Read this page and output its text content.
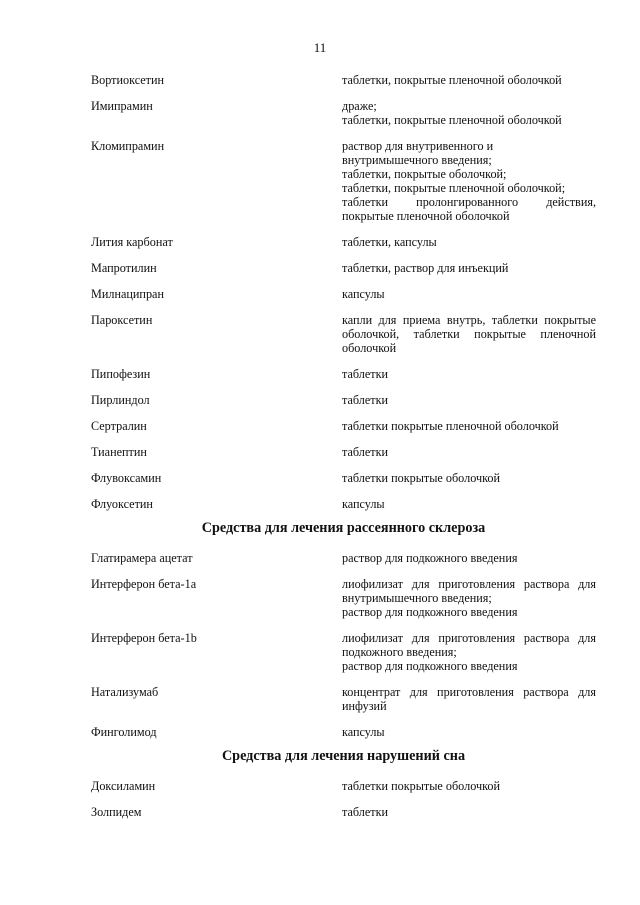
11
Вортиоксетин	таблетки, покрытые пленочной оболочкой
Имипрамин	драже;
таблетки, покрытые пленочной оболочкой
Кломипрамин	раствор для внутривенного и
внутримышечного введения;
таблетки, покрытые оболочкой;
таблетки, покрытые пленочной оболочкой;
таблетки пролонгированного действия,
покрытые пленочной оболочкой
Лития карбонат	таблетки, капсулы
Мапротилин	таблетки, раствор для инъекций
Милнаципран	капсулы
Пароксетин	капли для приема внутрь, таблетки покрытые
оболочкой, таблетки покрытые пленочной
оболочкой
Пипофезин	таблетки
Пирлиндол	таблетки
Сертралин	таблетки покрытые пленочной оболочкой
Тианептин	таблетки
Флувоксамин	таблетки покрытые оболочкой
Флуоксетин	капсулы
Средства для лечения рассеянного склероза
Глатирамера ацетат	раствор для подкожного введения
Интерферон бета-1а	лиофилизат для приготовления раствора для
внутримышечного введения;
раствор для подкожного введения
Интерферон бета-1b	лиофилизат для приготовления раствора для
подкожного введения;
раствор для подкожного введения
Натализумаб	концентрат для приготовления раствора для
инфузий
Финголимод	капсулы
Средства для лечения нарушений сна
Доксиламин	таблетки покрытые оболочкой
Золпидем	таблетки
